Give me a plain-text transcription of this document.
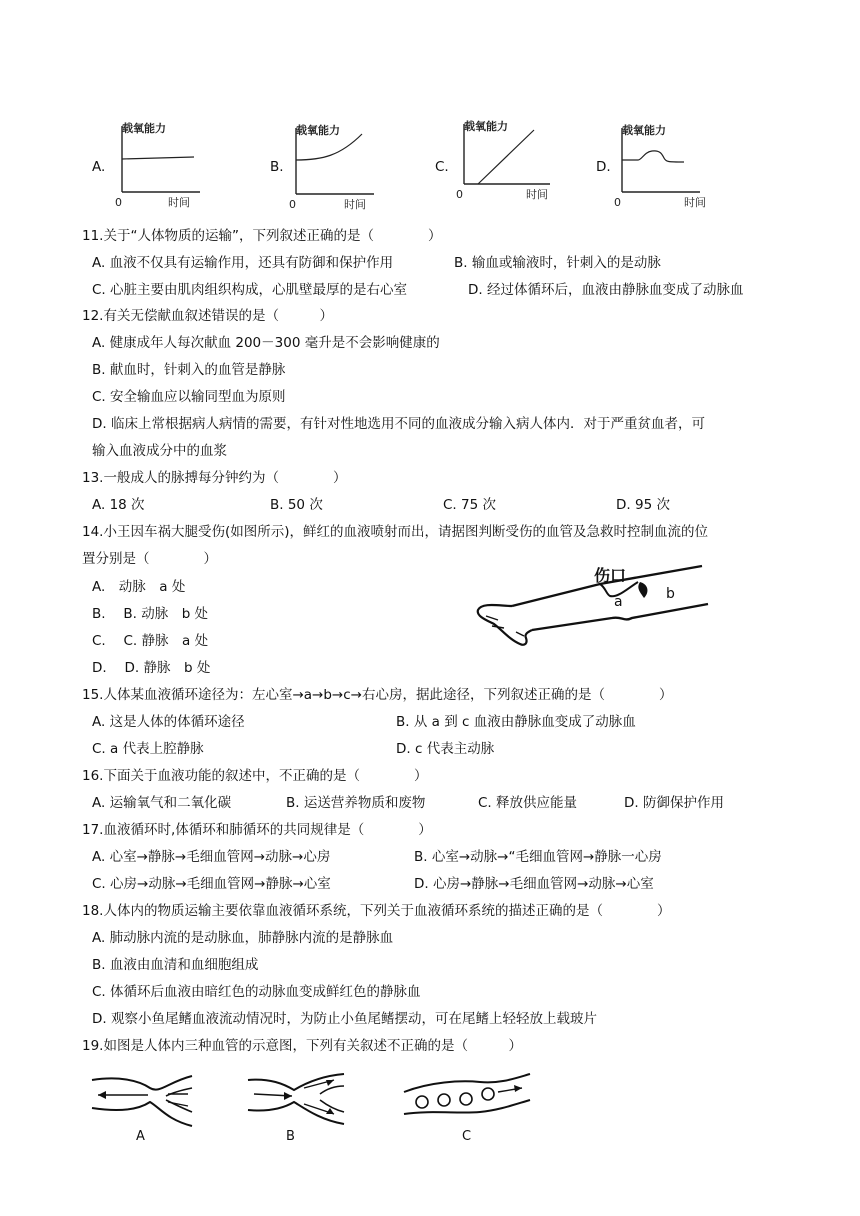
A.
载氧能力
0	时间
B.
载氧能力
0	时间
C.
载氧能力
0	时间
D.
载氧能力
0	时间
11.关于“人体物质的运输”，下列叙述正确的是（　　　　）
A. 血液不仅具有运输作用，还具有防御和保护作用	B. 输血或输液时，针刺入的是动脉
C. 心脏主要由肌肉组织构成，心肌壁最厚的是右心室	D. 经过体循环后，血液由静脉血变成了动脉血
12.有关无偿献血叙述错误的是（　　　）
A. 健康成年人每次献血 200－300 毫升是不会影响健康的
B. 献血时，针刺入的血管是静脉
C. 安全输血应以输同型血为原则
D. 临床上常根据病人病情的需要，有针对性地选用不同的血液成分输入病人体内．对于严重贫血者，可
输入血液成分中的血浆
13.一般成人的脉搏每分钟约为（　　　　）
A. 18 次	B. 50 次	C. 75 次	D. 95 次
14.小王因车祸大腿受伤(如图所示)，鲜红的血液喷射而出，请据图判断受伤的血管及急救时控制血流的位
置分别是（　　　　）
A.　动脉　a 处
B.　 B. 动脉　b 处
C.　 C. 静脉　a 处
D.　 D. 静脉　b 处
伤口
a	b
15.人体某血液循环途径为：左心室→a→b→c→右心房，据此途径，下列叙述正确的是（　　　　）
A. 这是人体的体循环途径	B. 从 a 到 c 血液由静脉血变成了动脉血
C. a 代表上腔静脉	D. c 代表主动脉
16.下面关于血液功能的叙述中，不正确的是（　　　　）
A. 运输氧气和二氧化碳	B. 运送营养物质和废物	C. 释放供应能量	D. 防御保护作用
17.血液循环时,体循环和肺循环的共同规律是（　　　　）
A. 心室→静脉→毛细血管网→动脉→心房	B. 心室→动脉→“毛细血管网→静脉一心房
C. 心房→动脉→毛细血管网→静脉→心室	D. 心房→静脉→毛细血管网→动脉→心室
18.人体内的物质运输主要依靠血液循环系统，下列关于血液循环系统的描述正确的是（　　　　）
A. 肺动脉内流的是动脉血，肺静脉内流的是静脉血
B. 血液由血清和血细胞组成
C. 体循环后血液由暗红色的动脉血变成鲜红色的静脉血
D. 观察小鱼尾鳍血液流动情况时，为防止小鱼尾鳍摆动，可在尾鳍上轻轻放上载玻片
19.如图是人体内三种血管的示意图，下列有关叙述不正确的是（　　　）
A	B	C
